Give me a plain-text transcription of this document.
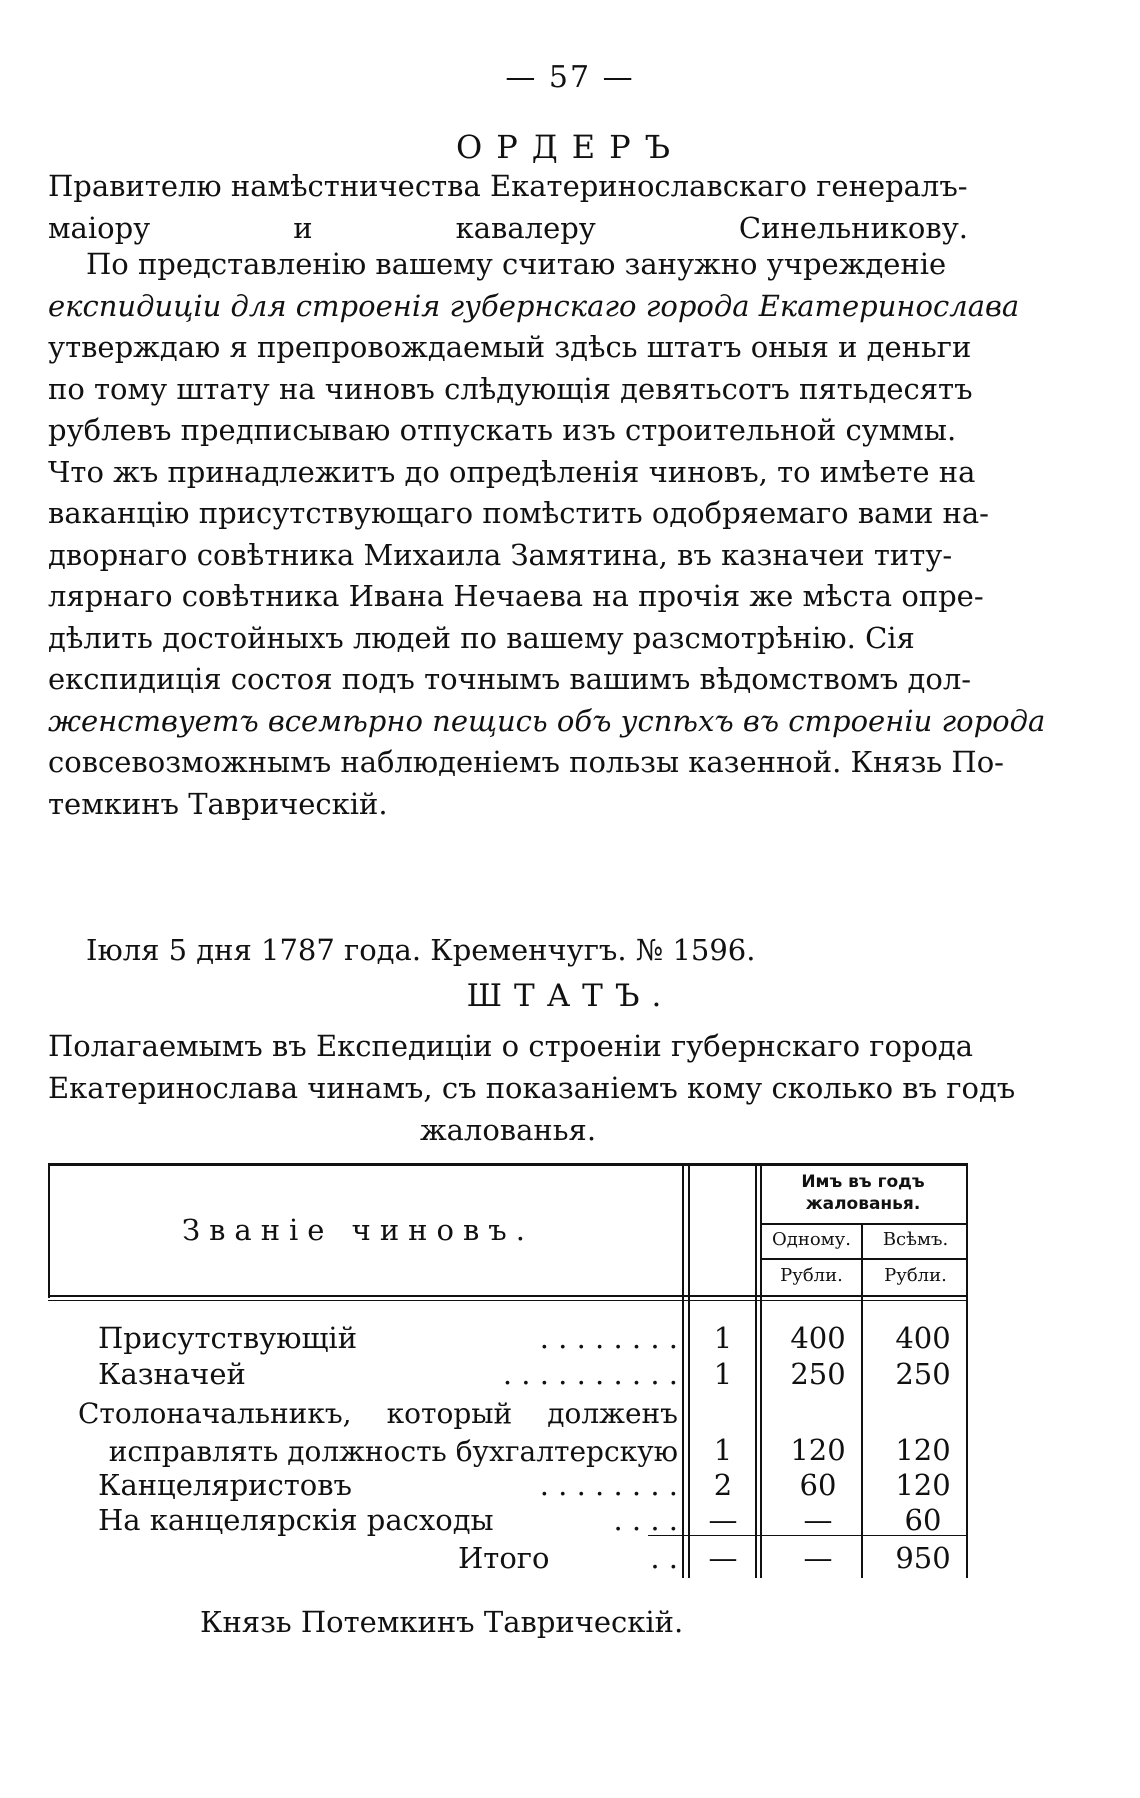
— 57 —
ОРДЕРЪ
Правителю намѣстничества Екатеринославскаго генералъ-
маіору и кавалеру Синельникову.
По представленію вашему считаю занужно учрежденіе
експидиціи для строенія губернскаго города Екатеринослава
утверждаю я препровождаемый здѣсь штатъ оныя и деньги
по тому штату на чиновъ слѣдующія девятьсотъ пятьдесятъ
рублевъ предписываю отпускать изъ строительной суммы.
Что жъ принадлежитъ до опредѣленія чиновъ, то имѣете на
ваканцію присутствующаго помѣстить одобряемаго вами на-
дворнаго совѣтника Михаила Замятина, въ казначеи титу-
лярнаго совѣтника Ивана Нечаева на прочія же мѣста опре-
дѣлить достойныхъ людей по вашему разсмотрѣнію. Сія
експидиція состоя подъ точнымъ вашимъ вѣдомствомъ дол-
женствуетъ всемѣрно пещись объ успѣхъ въ строеніи города
совсевозможнымъ наблюденіемъ пользы казенной. Князь По-
темкинъ Таврическій.
Іюля 5 дня 1787 года. Кременчугъ. № 1596.
ШТАТЪ.
Полагаемымъ въ Експедиціи о строеніи губернскаго города
Екатеринослава чинамъ, съ показаніемъ кому сколько въ годъ
жалованья.
Званіе чиновъ.
Имъ въ годъ жалованья.
Одному.	Всѣмъ.
Рубли.	Рубли.
Присутствующій	. . . . . . . .	1	400	400
Казначей	. . . . . . . . . .	1	250	250
Столоначальникъ, который долженъ исправлять должность бухгалтерскую	1	120	120
Канцеляристовъ	. . . . . . . .	2	60	120
На канцелярскія расходы	. . . .	—	—	60
Итого	. .	—	—	950
Князь Потемкинъ Таврическій.
